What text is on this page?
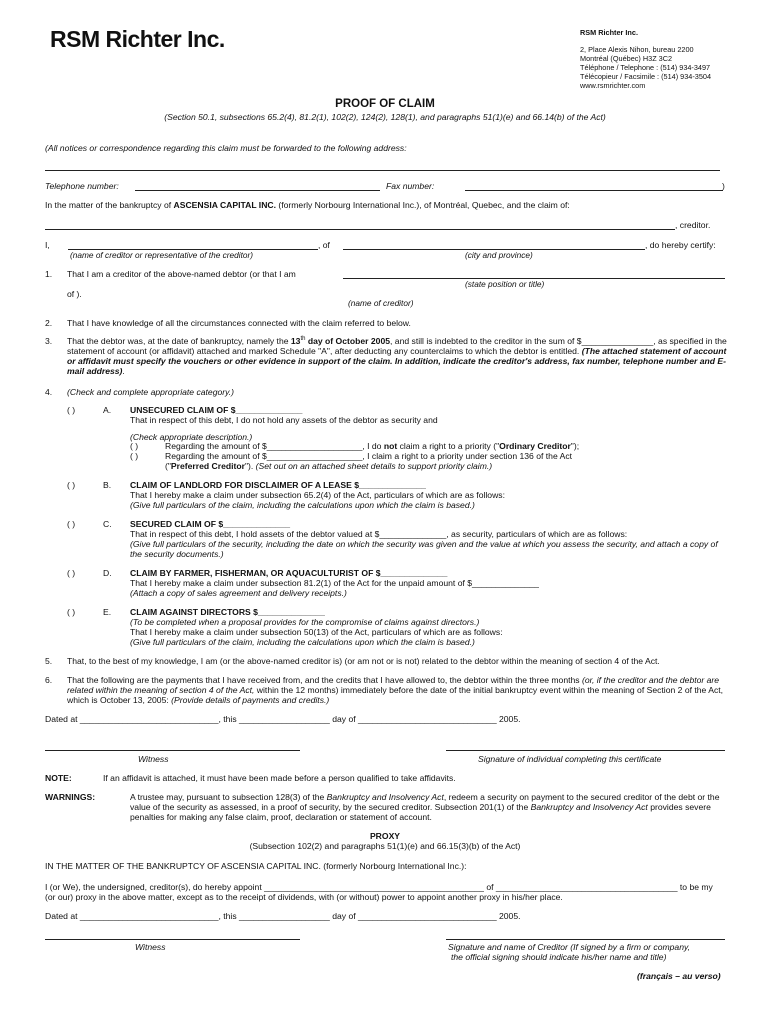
RSM Richter Inc.	RSM Richter Inc.
2, Place Alexis Nihon, bureau 2200
Montréal (Québec) H3Z 3C2
Téléphone / Telephone : (514) 934-3497
Télécopieur / Facsimile : (514) 934-3504
www.rsmrichter.com
PROOF OF CLAIM
(Section 50.1, subsections 65.2(4), 81.2(1), 102(2), 124(2), 128(1), and paragraphs 51(1)(e) and 66.14(b) of the Act)
(All notices or correspondence regarding this claim must be forwarded to the following address:
Telephone number:	Fax number:	)
In the matter of the bankruptcy of ASCENSIA CAPITAL INC. (formerly Norbourg International Inc.), of Montréal, Quebec, and the claim of:
, creditor.
I,	, of	, do hereby certify:
(name of creditor or representative of the creditor)	(city and province)
1. That I am a creditor of the above-named debtor (or that I am
(state position or title)
of ).
(name of creditor)
2. That I have knowledge of all the circumstances connected with the claim referred to below.
3. That the debtor was, at the date of bankruptcy, namely the 13th day of October 2005, and still is indebted to the creditor in the sum of $_______________, as specified in the statement of account (or affidavit) attached and marked Schedule "A", after deducting any counterclaims to which the debtor is entitled. (The attached statement of account or affidavit must specify the vouchers or other evidence in support of the claim. In addition, indicate the creditor's address, fax number, telephone number and E-mail address).
4. (Check and complete appropriate category.)
( )	A. UNSECURED CLAIM OF $______________
That in respect of this debt, I do not hold any assets of the debtor as security and
(Check appropriate description.)
( )	Regarding the amount of $____________________, I do not claim a right to a priority ("Ordinary Creditor");
( )	Regarding the amount of $____________________, I claim a right to a priority under section 136 of the Act
("Preferred Creditor"). (Set out on an attached sheet details to support priority claim.)
( )	B. CLAIM OF LANDLORD FOR DISCLAIMER OF A LEASE $______________
That I hereby make a claim under subsection 65.2(4) of the Act, particulars of which are as follows:
(Give full particulars of the claim, including the calculations upon which the claim is based.)
( )	C. SECURED CLAIM OF $______________
That in respect of this debt, I hold assets of the debtor valued at $______________, as security, particulars of which are as follows:
(Give full particulars of the security, including the date on which the security was given and the value at which you assess the security, and attach a copy of the security documents.)
( )	D. CLAIM BY FARMER, FISHERMAN, OR AQUACULTURIST OF $______________
That I hereby make a claim under subsection 81.2(1) of the Act for the unpaid amount of $______________
(Attach a copy of sales agreement and delivery receipts.)
( )	E. CLAIM AGAINST DIRECTORS $______________
(To be completed when a proposal provides for the compromise of claims against directors.)
That I hereby make a claim under subsection 50(13) of the Act, particulars of which are as follows:
(Give full particulars of the claim, including the calculations upon which the claim is based.)
5. That, to the best of my knowledge, I am (or the above-named creditor is) (or am not or is not) related to the debtor within the meaning of section 4 of the Act.
6. That the following are the payments that I have received from, and the credits that I have allowed to, the debtor within the three months (or, if the creditor and the debtor are related within the meaning of section 4 of the Act, within the 12 months) immediately before the date of the initial bankruptcy event within the meaning of Section 2 of the Act, which is October 13, 2005: (Provide details of payments and credits.)
Dated at _____________________________, this ___________________ day of _____________________________ 2005.
Witness	Signature of individual completing this certificate
NOTE:	If an affidavit is attached, it must have been made before a person qualified to take affidavits.
WARNINGS:	A trustee may, pursuant to subsection 128(3) of the Bankruptcy and Insolvency Act, redeem a security on payment to the secured creditor of the debt or the value of the security as assessed, in a proof of security, by the secured creditor. Subsection 201(1) of the Bankruptcy and Insolvency Act provides severe penalties for making any false claim, proof, declaration or statement of account.
PROXY
(Subsection 102(2) and paragraphs 51(1)(e) and 66.15(3)(b) of the Act)
IN THE MATTER OF THE BANKRUPTCY OF ASCENSIA CAPITAL INC. (formerly Norbourg International Inc.):
I (or We), the undersigned, creditor(s), do hereby appoint ______________________________________________ of ______________________________________ to be my (or our) proxy in the above matter, except as to the receipt of dividends, with (or without) power to appoint another proxy in his/her place.
Dated at _____________________________, this ___________________ day of _____________________________ 2005.
Witness	Signature and name of Creditor (If signed by a firm or company,
the official signing should indicate his/her name and title)
(français – au verso)
